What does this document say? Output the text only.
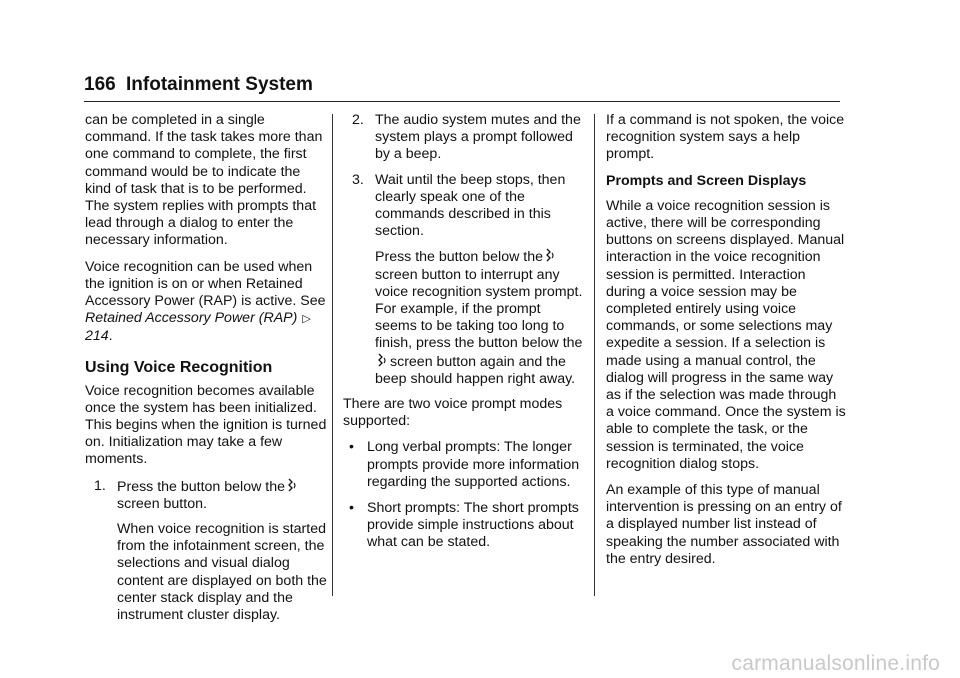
166 Infotainment System

can be completed in a single command. If the task takes more than one command to complete, the first command would be to indicate the kind of task that is to be performed. The system replies with prompts that lead through a dialog to enter the necessary information.

Voice recognition can be used when the ignition is on or when Retained Accessory Power (RAP) is active. See Retained Accessory Power (RAP) ▷214.

Using Voice Recognition

Voice recognition becomes available once the system has been initialized. This begins when the ignition is turned on. Initialization may take a few moments.

1. Press the button below the
screen button.

When voice recognition is started from the infotainment screen, the selections and visual dialog content are displayed on both the center stack display and the instrument cluster display.

2. The audio system mutes and the system plays a prompt followed by a beep.

3. Wait until the beep stops, then clearly speak one of the commands described in this section.

Press the button below the
screen button to interrupt any voice recognition system prompt. For example, if the prompt seems to be taking too long to finish, press the button below thescreen button again and the beep should happen right away.

There are two voice prompt modes supported:

• Long verbal prompts: The longer prompts provide more information regarding the supported actions.
• Short prompts: The short prompts provide simple instructions about what can be stated.

If a command is not spoken, the voice recognition system says a help prompt.

Prompts and Screen Displays

While a voice recognition session is active, there will be corresponding buttons on screens displayed. Manual interaction in the voice recognition session is permitted. Interaction during a voice session may be completed entirely using voice commands, or some selections may expedite a session. If a selection is made using a manual control, the dialog will progress in the same way as if the selection was made through a voice command. Once the system is able to complete the task, or the session is terminated, the voice recognition dialog stops.

An example of this type of manual intervention is pressing on an entry of a displayed number list instead of speaking the number associated with the entry desired.

carmanualsonline.info
